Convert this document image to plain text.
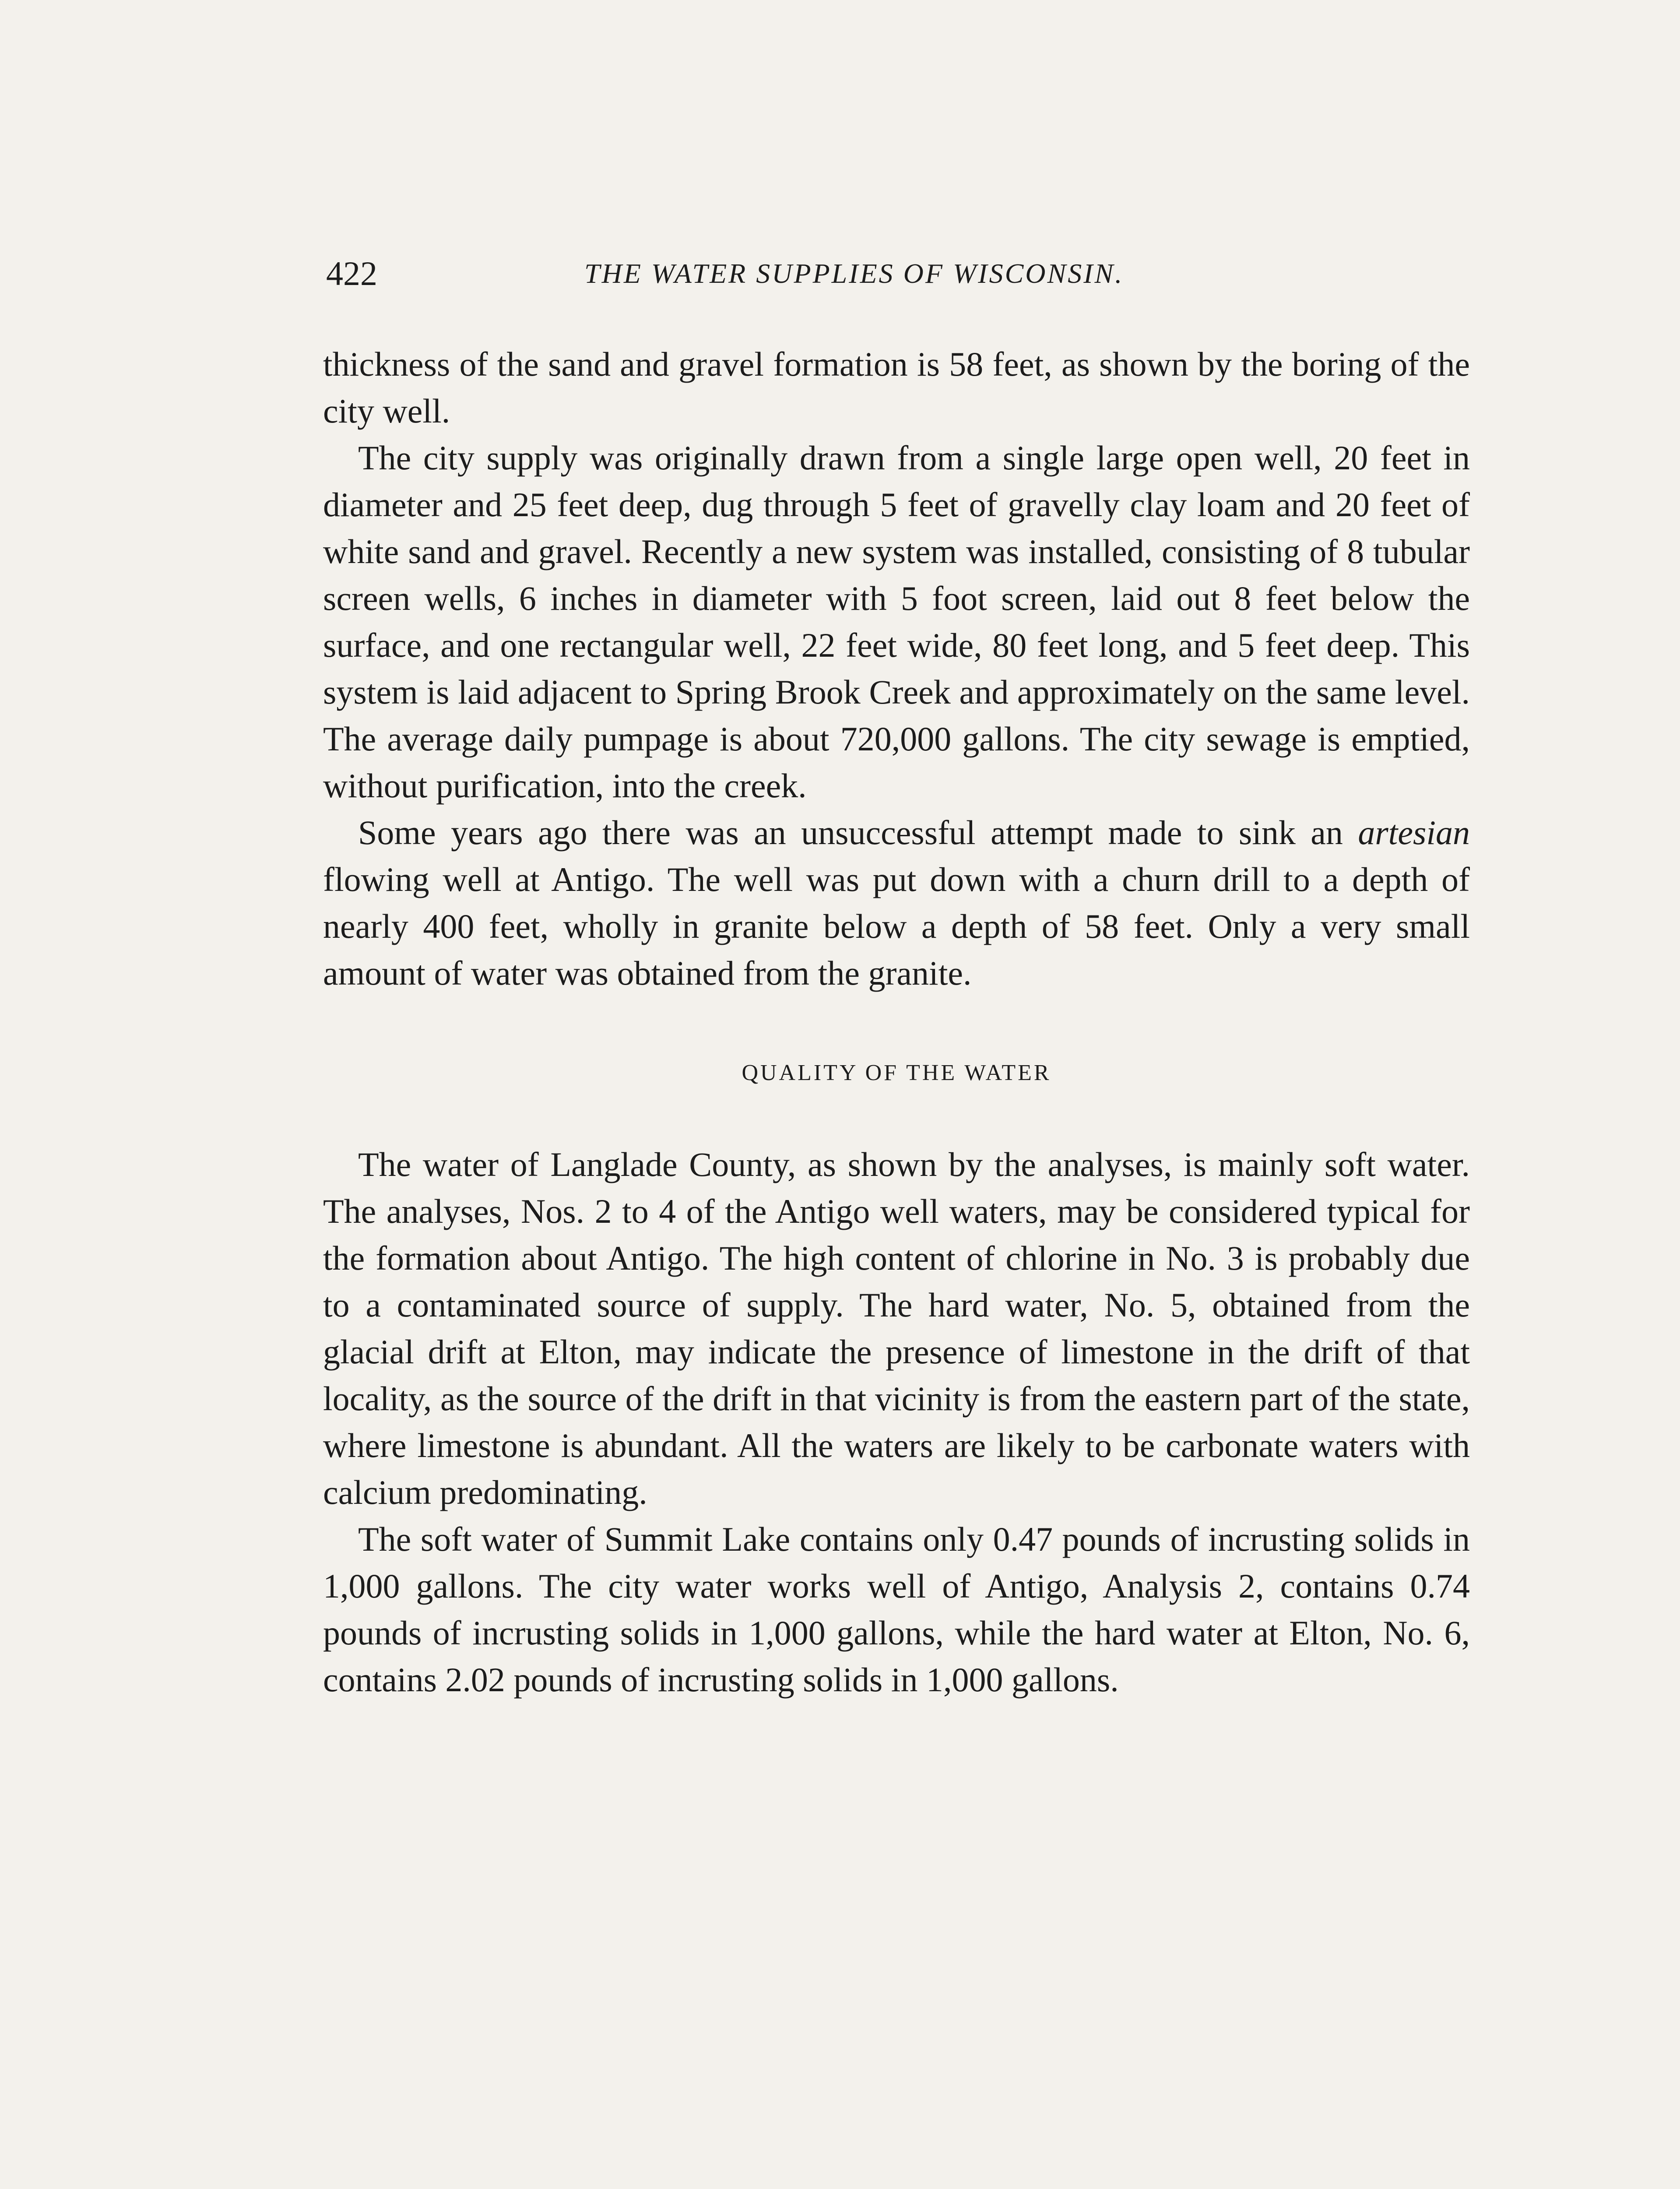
422	THE WATER SUPPLIES OF WISCONSIN.

thickness of the sand and gravel formation is 58 feet, as shown by the boring of the city well.

The city supply was originally drawn from a single large open well, 20 feet in diameter and 25 feet deep, dug through 5 feet of gravelly clay loam and 20 feet of white sand and gravel. Recently a new system was installed, consisting of 8 tubular screen wells, 6 inches in diameter with 5 foot screen, laid out 8 feet below the surface, and one rectangular well, 22 feet wide, 80 feet long, and 5 feet deep. This system is laid adjacent to Spring Brook Creek and approximately on the same level. The average daily pumpage is about 720,000 gallons. The city sewage is emptied, without purification, into the creek.

Some years ago there was an unsuccessful attempt made to sink an artesian flowing well at Antigo. The well was put down with a churn drill to a depth of nearly 400 feet, wholly in granite below a depth of 58 feet. Only a very small amount of water was obtained from the granite.

QUALITY OF THE WATER

The water of Langlade County, as shown by the analyses, is mainly soft water. The analyses, Nos. 2 to 4 of the Antigo well waters, may be considered typical for the formation about Antigo. The high content of chlorine in No. 3 is probably due to a contaminated source of supply. The hard water, No. 5, obtained from the glacial drift at Elton, may indicate the presence of limestone in the drift of that locality, as the source of the drift in that vicinity is from the eastern part of the state, where limestone is abundant. All the waters are likely to be carbonate waters with calcium predominating.

The soft water of Summit Lake contains only 0.47 pounds of incrusting solids in 1,000 gallons. The city water works well of Antigo, Analysis 2, contains 0.74 pounds of incrusting solids in 1,000 gallons, while the hard water at Elton, No. 6, contains 2.02 pounds of incrusting solids in 1,000 gallons.
